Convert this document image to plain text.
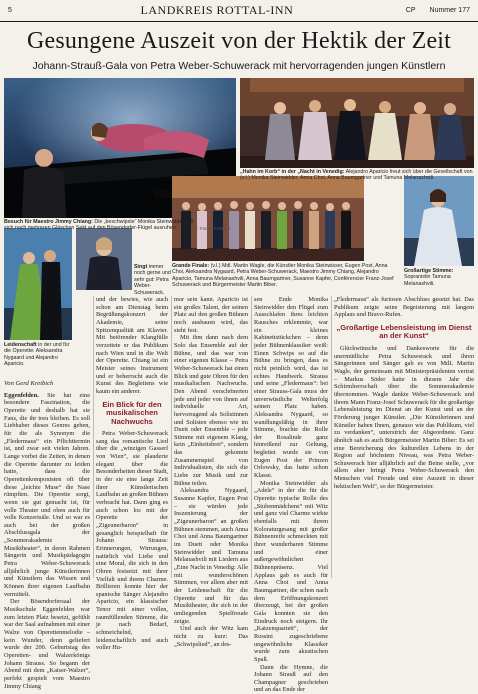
5	LANDKREIS ROTTAL-INN	CP Nummer 177
Gesungene Auszeit von der Hektik der Zeit
Johann-Strauß-Gala von Petra Weber-Schuwerack mit hervorragenden jungen Künstlern
Besuch für Maestro Jimmy Chiang: Die „beschwipste“ Monika Steinwidder will sich nach mehreren Gläschen Sekt auf den Bösendorfer-Flügel ausruhen.	– Fotos: Kreibich
„Hahn im Korb“ in der „Nacht in Venedig: Alejandro Aparicio freut sich über die Gesellschaft von (v.l.) Monika Steinwidder, Anna Choi, Anna Baumgartner und Tamuna Melanashvili.
Leidenschaft in der und für die Operette: Aleksandra Nygaard und Alejandro Aparicio.
Singt immer noch gerne und sehr gut: Petra Weber-Schuwerack.
Grande Finale: (v.l.) Mdl. Martin Wagle, die Künstler Monika Steinwisser, Eugen Post, Anna Choi, Aleksandra Nygaard, Petra Weber-Schuwerack, Maestro Jimmy Chiang, Alejandro Aparicio, Tamuna Melanashvili, Anna Baumgartner, Susanne Kapfer, Conférencier Franz-Josef Schuwerack und Bürgermeister Martin Biber.
Großartige Stimme: Sopranistin Tamuna Melanashvili.
Von Gerd Kreibich

Eggenfelden. Sie hat eine besondere Faszination, die Operette und deshalb hat sie Fans, die ihr treu bleiben. Es soll Liebhaber dieses Genres geben, für die als Synonym die „Fledermaus“ ein Pflichttermin ist, und zwar seit vielen Jahren. Lange vorbei die Zeiten, in denen die Operette darunter zu leiden hatte, dass die Operettenkomponisten oft über diese „leichte Muse“ die Nase rümpften. Die Operette sorgt, wenn sie gut gemacht ist, für volle Theater und oben auch für volle Konzertsäle. Und so war es auch bei der großen Abschlussgala der „Sommerakademie Musiktheater“, in deren Rahmen Sängerin und Musikpädagogin Petra Weber-Schuwerack alljährlich junge Künstlerinnen und Künstlern das Wissen und Können ihrer eigenen Laufbahn vermittelt.

Der Bösendorfersaal der Musikschule Eggenfelden war zum letzten Platz besetzt, gefühlt war der Saal aufnahmen mit einer Walze von Operettenmelodie – kein Wunder, denn geliefert wurde der 200. Geburtstag des Operetten- und Walzerkönigs Johann Strauss. So begann der Abend mit dem „Kaiser-Walzer“, perfekt gespielt vom Maestro Jimmy Chiang

und der bewies, wie auch schon am Dienstag beim Begrüßungskonzert der Akademie, seine Spitzenqualität am Klavier. Mit betörender Klangfülle verzettete er das Publikum nach Wien und in die Welt der Operette. Chiang ist ein Meister seines Instrument und er beherrscht auch die Kunst des Begleitens wie kaum ein anderer.

Ein Blick für den musikalischen Nachwuchs

Petra Weber-Schuwerack sang das romantische Lied über die „winzigen Gasserl von Wien“, sie plauderte elegant über die Besonderheiten dieser Stadt, in der sie eine lange Zeit ihrer Künstlerischen Laufbahn an großen Bühnen verbracht hat. Dann ging es auch schon los mit der Operette der „Zigeunerbaron“ in gesanglich beispielhaft für Johann Strauss: Erinnerungen, Wirrungen, natürlich viel Liebe und eine Moral, die sich in den Ohren festsetzt mit ihrer Vielfalt und ihrem Charme. Brillieren konnte hier der spanische Sänger Alejandro Aparicio, ein klassischer Tenor mit einer vollen, raumfüllenden Stimme, die je nach Bedarf, schmeichelnd, leidenschaftlich und auch voller Hu-

mor sein kann. Aparicio ist ein großes Talent, der seinen Platz auf den großen Bühnen noch ausbauen wird, das steht fest.

Mit ihm dann nach dem Solo das Ensemble auf der Bühne, und das war von einer eigenen Klasse – Petra Weber-Schuwerack hat einen Blick und gute Ohren für den musikalischen Nachwuchs. Den Abend verschönerten jede und jeder von ihnen auf individuelle Art, hervorragend als Solistinnen und Solisten ebenso wie im Duett oder Ensemble – jede Stimme mit eigenem Klang, kein „Einheitsbrei“, sondern das gekonnte Zusammenspiel von Individualisten, die sich die Liebe zur Musik und zur Bühne teilen.

Aleksandra Nygaard, Susanne Kapfer, Eugen Post – sie würden jede Inszenierung der „Zigeunerbaron“ an großen Bühnen stemmen, auch Anna Choi und Anna Baumgartner im Duett oder Monika Steinwidder und Tamuna Melanashvili mit Liedern aus „Eine Nacht in Venedig: Alle mit wunderschönen Stimmen, vor allem aber mit der Leidenschaft für die Operette und für das Musiktheater, die sich in der umliegenden Spielfreude zeigte.

Und auch der Witz kam nicht zu kurz: Das „Schwipslied“, an des-

sen Ende Monika Steinwidder den Flügel zum Ausschlafen ihres leichten Rausches erklemmte, war ein kleines Kabinettstückchen – denn jeder Bühnenklassiker weiß: Einen Schwips so auf die Bühne zu bringen, dass es nicht peinlich wird, das ist echtes Handwerk. Strauss und seine „Fledermaus“: bei einer Strauss-Gala muss der unverwüstliche Welterfolg seinen Platz haben. Aleksandra Nygaard, so wandlungsfähig in ihrer Stimme, brachte die Rolle der Rosalinde ganz hinreißend zur Geltung, begleitet wurde sie von Eugen Post der Prinzen Orlowsky, das hatte schon Klasse.

Monika Steinwidder als „Adele“ in der die für die Operette typische Rolle des „Stubenmädchens“ mit Witz und ganz viel Charme wirkte ebenfalls mit ihrem Koloraturgesang mit großer Bühnenreife schmeckten mit ihrer wunderbaren Stimme und einer außergewöhnlichen Bühnenpräsenz. Viel Applaus gab es auch für Anna Choi und Anna Baumgartner, die schon nach dem Eröffnungskonzert überzeugt, bei der großen Gala konnten sie den Eindruck noch steigern. Ihr „Katzenquartett“, der Rossini zugeschriebene ungewöhnliche Klassiker wurde zum akustischen Spaß.

Dann die Hymne, die Johann Strauß auf den Champagner geschrieben und an das Ende der

„Fledermaus“ als furiosen Abschluss gesetzt hat. Das Publikum zeigte seine Begeisterung mit langem Applaus und Bravo-Rufen.

„Großartige Lebensleistung im Dienst an der Kunst“

Glückwünsche und Dankesworte für die unermüdliche Petra Schuwerack und ihren Sängerinnen und Sänger gab es von MdL Martin Wagle, der gemeinsam mit Ministerpräsidenten vertrat – Markus Söder hatte in diesem Jahr die Schirmherrschaft über die Sommerakademie übernommen. Wagle dankte Weber-Schuwerack und ihrem Mann Franz-Josef Schuwerack für die großartige Lebensleistung im Dienst an der Kunst und an der Förderung junger Künstler. „Die Künstlerinnen und Künstler haben Ihnen, genauso wie das Publikum, viel zu verdanken“, unterstrich der Abgeordnete. Ganz ähnlich sah es auch Bürgermeister Martin Biber: Es sei eine Bereicherung des kulturellen Lebens in der Region auf höchstem Niveau, was Petra Weber-Schuwerack hier alljährlich auf die Beine stelle, „vor allem aber bringt Petra Weber-Schuwerack den Menschen viel Freude und eine Auszeit in dieser hektischen Welt“, so der Bürgermeister.
